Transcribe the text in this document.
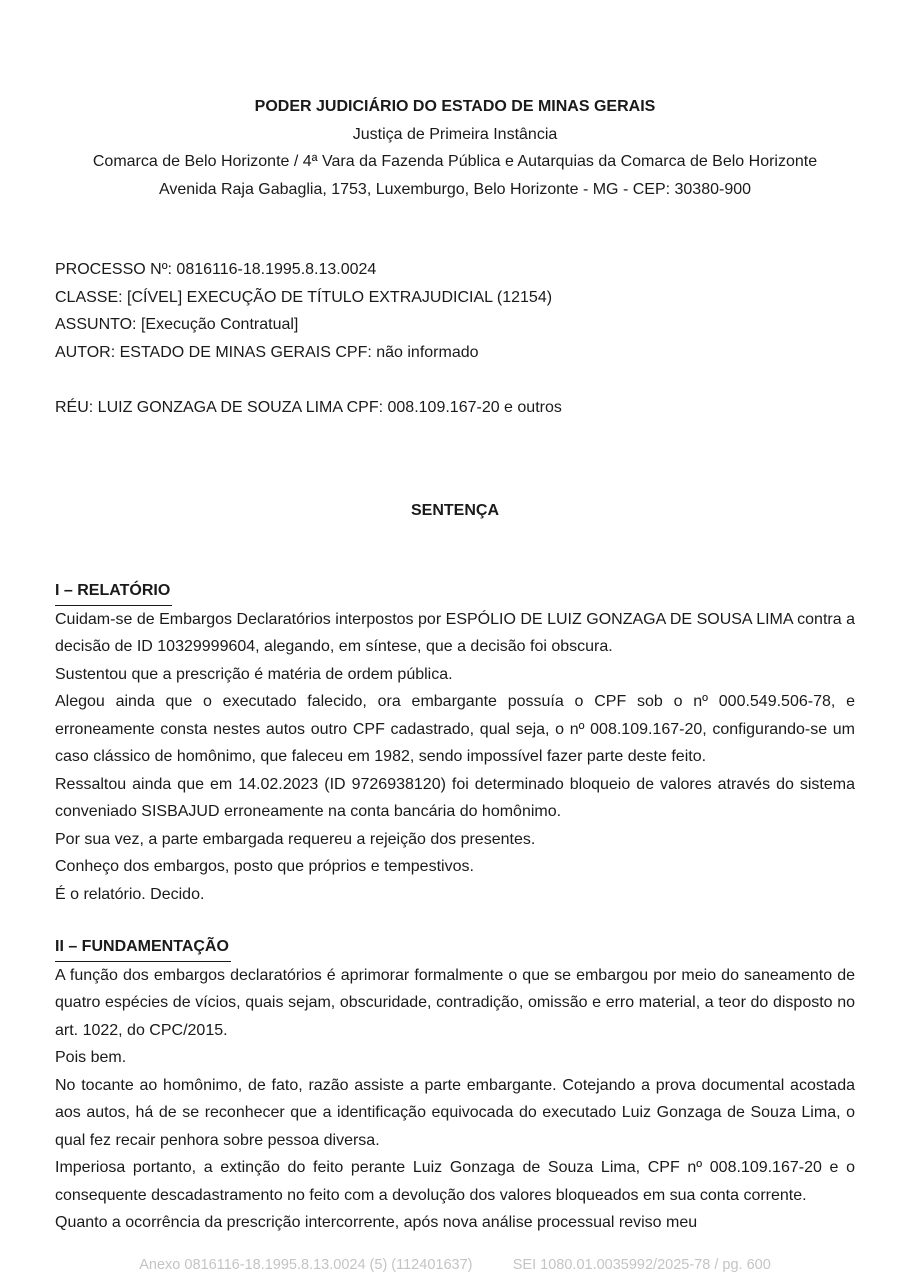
PODER JUDICIÁRIO DO ESTADO DE MINAS GERAIS
Justiça de Primeira Instância
Comarca de Belo Horizonte / 4ª Vara da Fazenda Pública e Autarquias da Comarca de Belo Horizonte
Avenida Raja Gabaglia, 1753, Luxemburgo, Belo Horizonte - MG - CEP: 30380-900
PROCESSO Nº: 0816116-18.1995.8.13.0024
CLASSE: [CÍVEL] EXECUÇÃO DE TÍTULO EXTRAJUDICIAL (12154)
ASSUNTO: [Execução Contratual]
AUTOR: ESTADO DE MINAS GERAIS CPF: não informado
RÉU: LUIZ GONZAGA DE SOUZA LIMA CPF: 008.109.167-20 e outros
SENTENÇA
I – RELATÓRIO

Cuidam-se de Embargos Declaratórios interpostos por ESPÓLIO DE LUIZ GONZAGA DE SOUSA LIMA contra a decisão de ID 10329999604, alegando, em síntese, que a decisão foi obscura.

Sustentou que a prescrição é matéria de ordem pública.

Alegou ainda que o executado falecido, ora embargante possuía o CPF sob o nº 000.549.506-78, e erroneamente consta nestes autos outro CPF cadastrado, qual seja, o nº 008.109.167-20, configurando-se um caso clássico de homônimo, que faleceu em 1982, sendo impossível fazer parte deste feito.

Ressaltou ainda que em 14.02.2023 (ID 9726938120) foi determinado bloqueio de valores através do sistema conveniado SISBAJUD erroneamente na conta bancária do homônimo.

Por sua vez, a parte embargada requereu a rejeição dos presentes.

Conheço dos embargos, posto que próprios e tempestivos.

É o relatório. Decido.

II – FUNDAMENTAÇÃO

A função dos embargos declaratórios é aprimorar formalmente o que se embargou por meio do saneamento de quatro espécies de vícios, quais sejam, obscuridade, contradição, omissão e erro material, a teor do disposto no art. 1022, do CPC/2015.

Pois bem.

No tocante ao homônimo, de fato, razão assiste a parte embargante. Cotejando a prova documental acostada aos autos, há de se reconhecer que a identificação equivocada do executado Luiz Gonzaga de Souza Lima, o qual fez recair penhora sobre pessoa diversa.

Imperiosa portanto, a extinção do feito perante Luiz Gonzaga de Souza Lima, CPF nº 008.109.167-20 e o consequente descadastramento no feito com a devolução dos valores bloqueados em sua conta corrente.

Quanto a ocorrência da prescrição intercorrente, após nova análise processual reviso meu

Anexo 0816116-18.1995.8.13.0024 (5) (112401637)	SEI 1080.01.0035992/2025-78 / pg. 600
